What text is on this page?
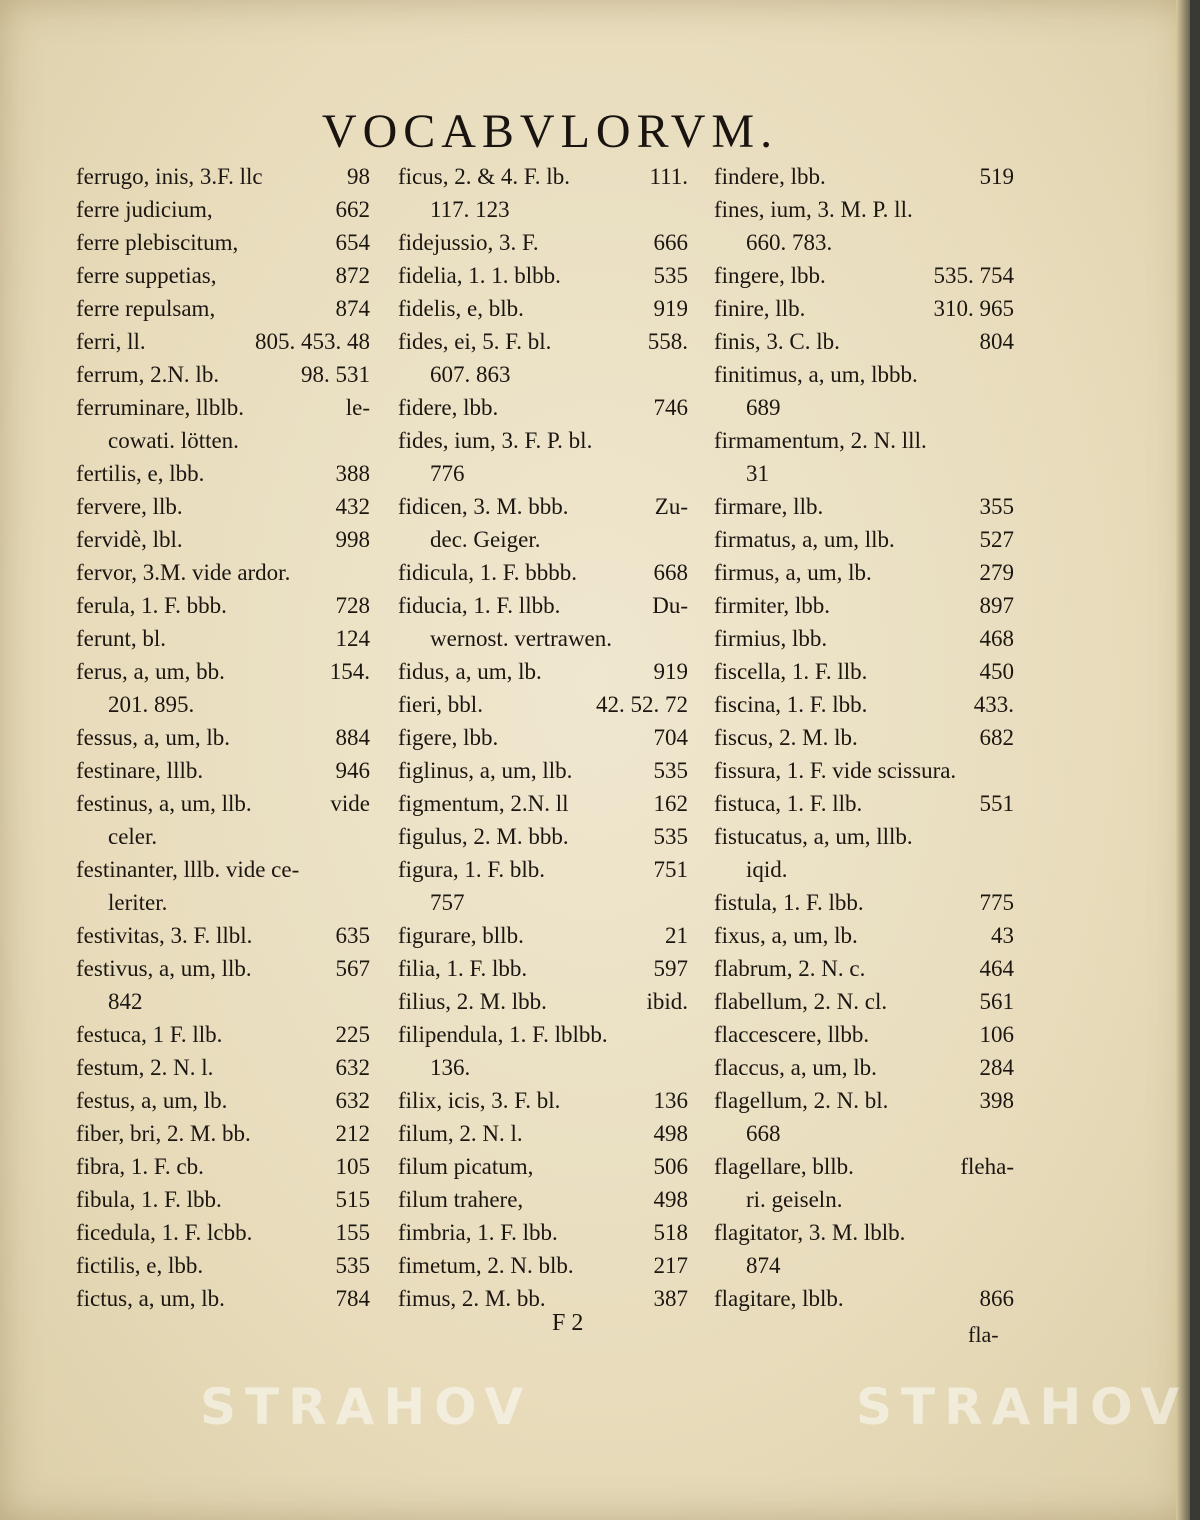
VOCABVLORVM.
ferrugo, inis, 3.F. llc	98
ferre judicium,	662
ferre plebiscitum,	654
ferre suppetias,	872
ferre repulsam,	874
ferri, ll.	805. 453. 48
ferrum, 2.N. lb.	98. 531
ferruminare, llblb.	le-
cowati. lötten.
fertilis, e, lbb.	388
fervere, llb.	432
fervidè, lbl.	998
fervor, 3.M. vide ardor.
ferula, 1. F. bbb.	728
ferunt, bl.	124
ferus, a, um, bb.	154.
201. 895.
fessus, a, um, lb.	884
festinare, lllb.	946
festinus, a, um, llb.	vide
celer.
festinanter, lllb. vide ce-
leriter.
festivitas, 3. F. llbl.	635
festivus, a, um, llb.	567
842
festuca, 1 F. llb.	225
festum, 2. N. l.	632
festus, a, um, lb.	632
fiber, bri, 2. M. bb.	212
fibra, 1. F. cb.	105
fibula, 1. F. lbb.	515
ficedula, 1. F. lcbb.	155
fictilis, e, lbb.	535
fictus, a, um, lb.	784
ficus, 2. & 4. F. lb.	111.
117. 123
fidejussio, 3. F.	666
fidelia, 1. 1. blbb.	535
fidelis, e, blb.	919
fides, ei, 5. F. bl.	558.
607. 863
fidere, lbb.	746
fides, ium, 3. F. P. bl.
776
fidicen, 3. M. bbb.	Zu-
dec. Geiger.
fidicula, 1. F. bbbb.	668
fiducia, 1. F. llbb.	Du-
wernost. vertrawen.
fidus, a, um, lb.	919
fieri, bbl.	42. 52. 72
figere, lbb.	704
figlinus, a, um, llb.	535
figmentum, 2.N. ll	162
figulus, 2. M. bbb.	535
figura, 1. F. blb.	751
757
figurare, bllb.	21
filia, 1. F. lbb.	597
filius, 2. M. lbb.	ibid.
filipendula, 1. F. lblbb.
136.
filix, icis, 3. F. bl.	136
filum, 2. N. l.	498
filum picatum,	506
filum trahere,	498
fimbria, 1. F. lbb.	518
fimetum, 2. N. blb.	217
fimus, 2. M. bb.	387
findere, lbb.	519
fines, ium, 3. M. P. ll.
660. 783.
fingere, lbb.	535. 754
finire, llb.	310. 965
finis, 3. C. lb.	804
finitimus, a, um, lbbb.
689
firmamentum, 2. N. lll.
31
firmare, llb.	355
firmatus, a, um, llb.	527
firmus, a, um, lb.	279
firmiter, lbb.	897
firmius, lbb.	468
fiscella, 1. F. llb.	450
fiscina, 1. F. lbb.	433.
fiscus, 2. M. lb.	682
fissura, 1. F. vide scissura.
fistuca, 1. F. llb.	551
fistucatus, a, um, lllb.
iqid.
fistula, 1. F. lbb.	775
fixus, a, um, lb.	43
flabrum, 2. N. c.	464
flabellum, 2. N. cl.	561
flaccescere, llbb.	106
flaccus, a, um, lb.	284
flagellum, 2. N. bl.	398
668
flagellare, bllb.	fleha-
ri. geiseln.
flagitator, 3. M. lblb.
874
flagitare, lblb.	866
F 2	fla-
STRAHOV	STRAHOV
